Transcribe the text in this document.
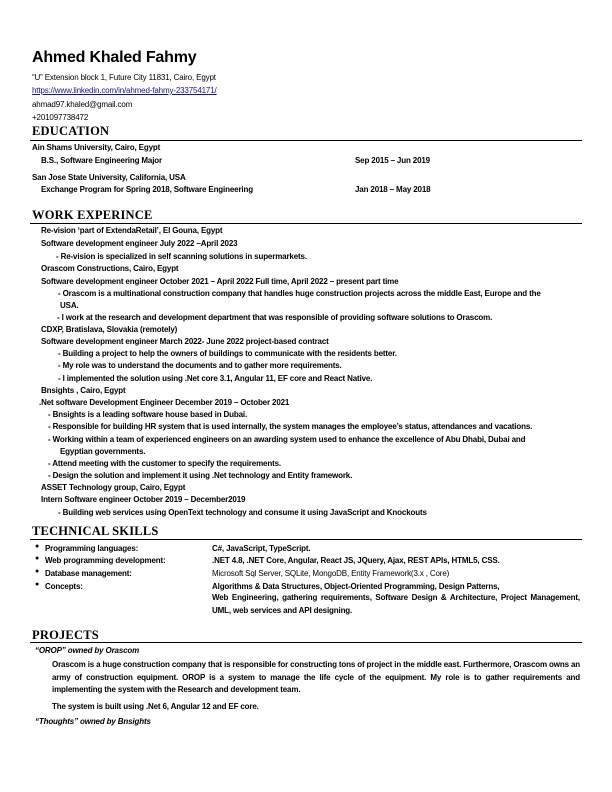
Ahmed Khaled Fahmy
“U” Extension block 1, Future City 11831, Cairo, Egypt
https://www.linkedin.com/in/ahmed-fahmy-233754171/
ahmad97.khaled@gmail.com
+201097738472
EDUCATION
Ain Shams University, Cairo, Egypt
B.S., Software Engineering Major	Sep 2015 – Jun 2019
San Jose State University, California, USA
Exchange Program for Spring 2018, Software Engineering	Jan 2018 – May 2018
WORK EXPERINCE
Re-vision ‘part of ExtendaRetail’, El Gouna, Egypt
Software development engineer July 2022 –April 2023
- Re-vision is specialized in self scanning solutions in supermarkets.
Orascom Constructions, Cairo, Egypt
Software development engineer October 2021 – April 2022 Full time, April 2022 – present part time
- Orascom is a multinational construction company that handles huge construction projects across the middle East, Europe and the
USA.
- I work at the research and development department that was responsible of providing software solutions to Orascom.
CDXP, Bratislava, Slovakia (remotely)
Software development engineer March 2022- June 2022 project-based contract
- Building a project to help the owners of buildings to communicate with the residents better.
- My role was to understand the documents and to gather more requirements.
- I implemented the solution using .Net core 3.1, Angular 11, EF core and React Native.
Bnsights , Cairo, Egypt
.Net software Development Engineer December 2019 – October 2021
- Bnsights is a leading software house based in Dubai.
- Responsible for building HR system that is used internally, the system manages the employee’s status, attendances and vacations.
- Working within a team of experienced engineers on an awarding system used to enhance the excellence of Abu Dhabi, Dubai and
Egyptian governments.
- Attend meeting with the customer to specify the requirements.
- Design the solution and implement it using .Net technology and Entity framework.
ASSET Technology group, Cairo, Egypt
Intern Software engineer October 2019 – December2019
- Building web services using OpenText technology and consume it using JavaScript and Knockouts
TECHNICAL SKILLS
● Programming languages:	C#, JavaScript, TypeScript.
● Web programming development:	.NET 4.8, .NET Core, Angular, React JS, JQuery, Ajax, REST APIs, HTML5, CSS.
● Database management:	Microsoft Sql Server, SQLite, MongoDB, Entity Framework(3.x , Core)
● Concepts:	Algorithms & Data Structures, Object-Oriented Programming, Design Patterns,
Web Engineering, gathering requirements, Software Design & Architecture, Project Management, UML, web services and API designing.
PROJECTS
“OROP” owned by Orascom
Orascom is a huge construction company that is responsible for constructing tons of project in the middle east. Furthermore, Orascom owns an army of construction equipment. OROP is a system to manage the life cycle of the equipment. My role is to gather requirements and implementing the system with the Research and development team.
The system is built using .Net 6, Angular 12 and EF core.
“Thoughts” owned by Bnsights
